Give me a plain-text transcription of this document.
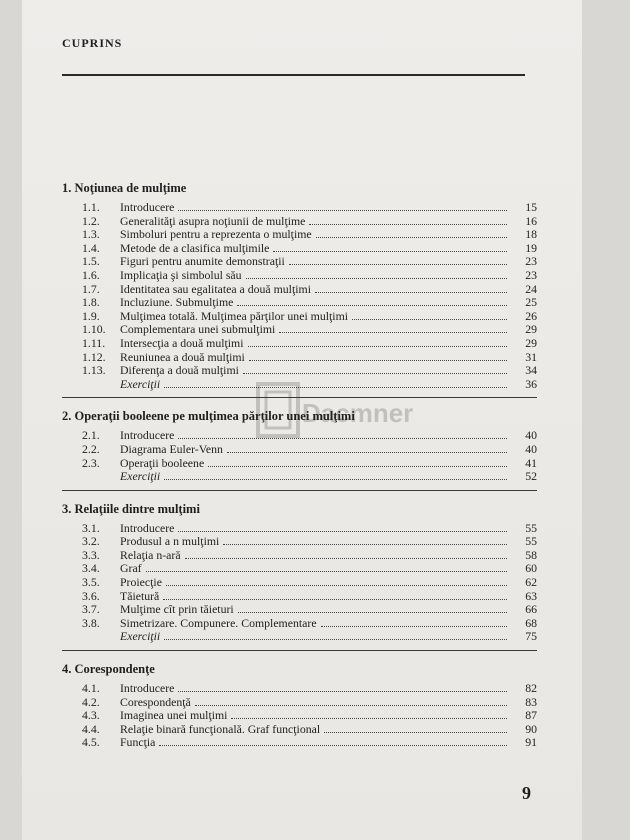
CUPRINS
1. Noţiunea de mulţime
1.1.	Introducere	15
1.2.	Generalităţi asupra noţiunii de mulţime	16
1.3.	Simboluri pentru a reprezenta o mulţime	18
1.4.	Metode de a clasifica mulţimile	19
1.5.	Figuri pentru anumite demonstraţii	23
1.6.	Implicaţia şi simbolul său	23
1.7.	Identitatea sau egalitatea a două mulţimi	24
1.8.	Incluziune. Submulţime	25
1.9.	Mulţimea totală. Mulţimea părţilor unei mulţimi	26
1.10.	Complementara unei submulţimi	29
1.11.	Intersecţia a două mulţimi	29
1.12.	Reuniunea a două mulţimi	31
1.13.	Diferenţa a două mulţimi	34
Exerciţii	36
2. Operaţii booleene pe mulţimea părţilor unei mulţimi
2.1.	Introducere	40
2.2.	Diagrama Euler-Venn	40
2.3.	Operaţii booleene	41
Exerciţii	52
3. Relaţiile dintre mulţimi
3.1.	Introducere	55
3.2.	Produsul a n mulţimi	55
3.3.	Relaţia n-ară	58
3.4.	Graf	60
3.5.	Proiecţie	62
3.6.	Tăietură	63
3.7.	Mulţime cît prin tăieturi	66
3.8.	Simetrizare. Compunere. Complementare	68
Exerciţii	75
4. Corespondenţe
4.1.	Introducere	82
4.2.	Corespondenţă	83
4.3.	Imaginea unei mulţimi	87
4.4.	Relaţie binară funcţională. Graf funcţional	90
4.5.	Funcţia	91
Dacmner
9
